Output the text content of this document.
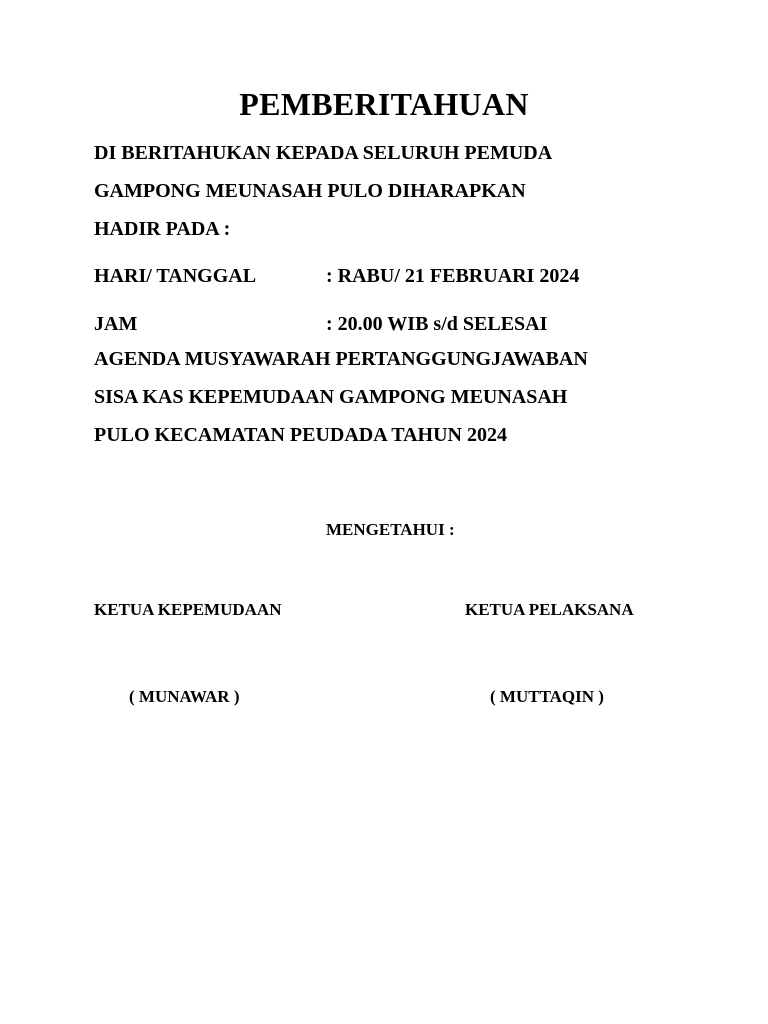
PEMBERITAHUAN
DI BERITAHUKAN KEPADA SELURUH PEMUDA
GAMPONG MEUNASAH PULO DIHARAPKAN
HADIR PADA :
HARI/ TANGGAL	: RABU/ 21 FEBRUARI 2024
JAM	: 20.00 WIB s/d SELESAI
AGENDA MUSYAWARAH PERTANGGUNGJAWABAN
SISA KAS KEPEMUDAAN GAMPONG MEUNASAH
PULO KECAMATAN PEUDADA TAHUN 2024
MENGETAHUI :
KETUA KEPEMUDAAN	KETUA PELAKSANA
( MUNAWAR )	( MUTTAQIN )
